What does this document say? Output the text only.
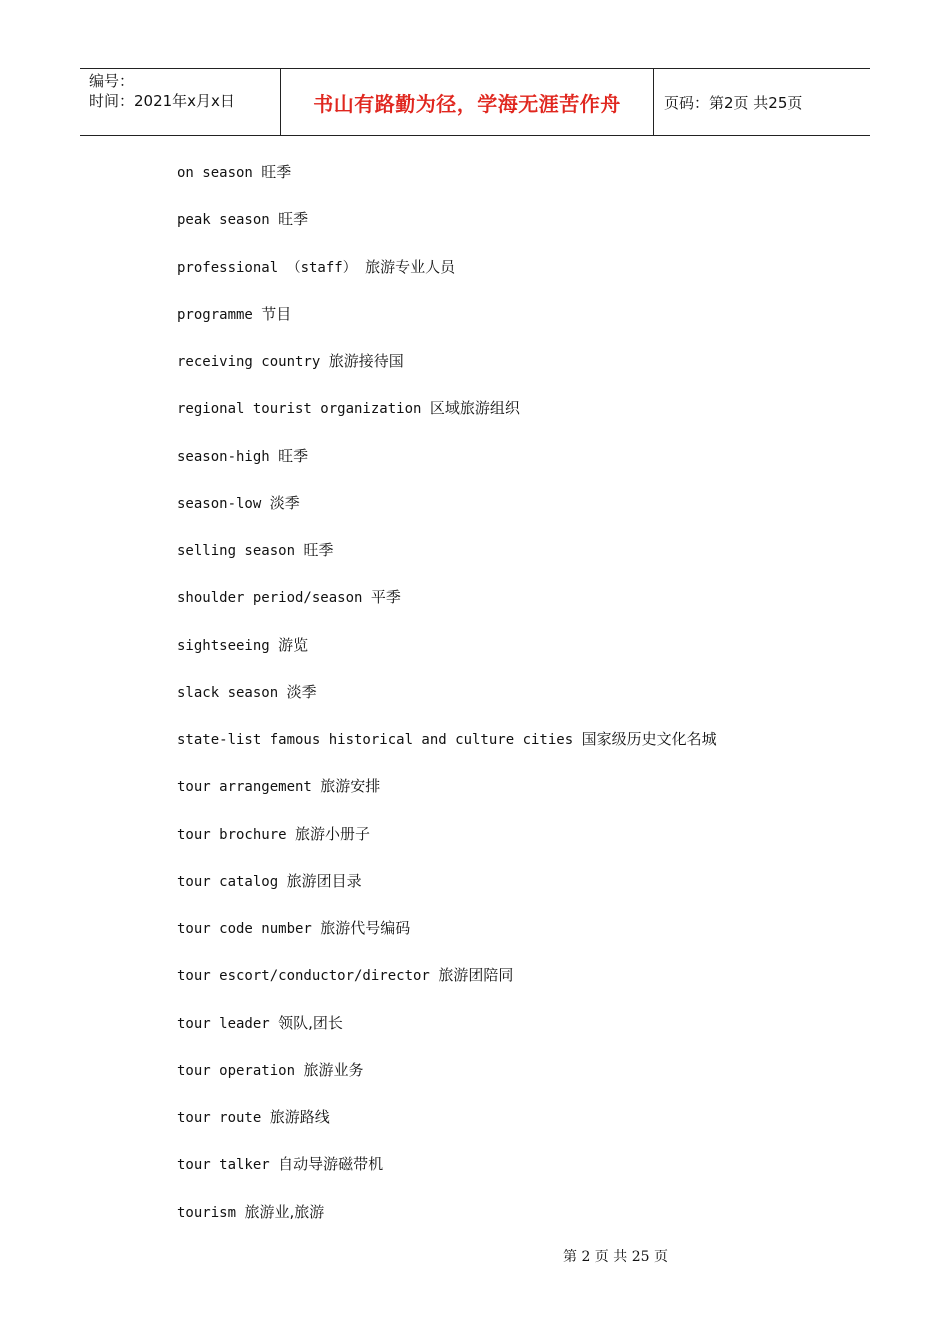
编号：
时间：2021年x月x日	书山有路勤为径，学海无涯苦作舟	页码：第2页 共25页
on season 旺季
peak season 旺季
professional （staff） 旅游专业人员
programme 节目
receiving country 旅游接待国
regional tourist organization 区域旅游组织
season-high 旺季
season-low 淡季
selling season 旺季
shoulder period/season 平季
sightseeing 游览
slack season 淡季
state-list famous historical and culture cities 国家级历史文化名城
tour arrangement 旅游安排
tour brochure 旅游小册子
tour catalog 旅游团目录
tour code number 旅游代号编码
tour escort/conductor/director 旅游团陪同
tour leader 领队,团长
tour operation 旅游业务
tour route 旅游路线
tour talker 自动导游磁带机
tourism 旅游业,旅游
第 2 页 共 25 页
